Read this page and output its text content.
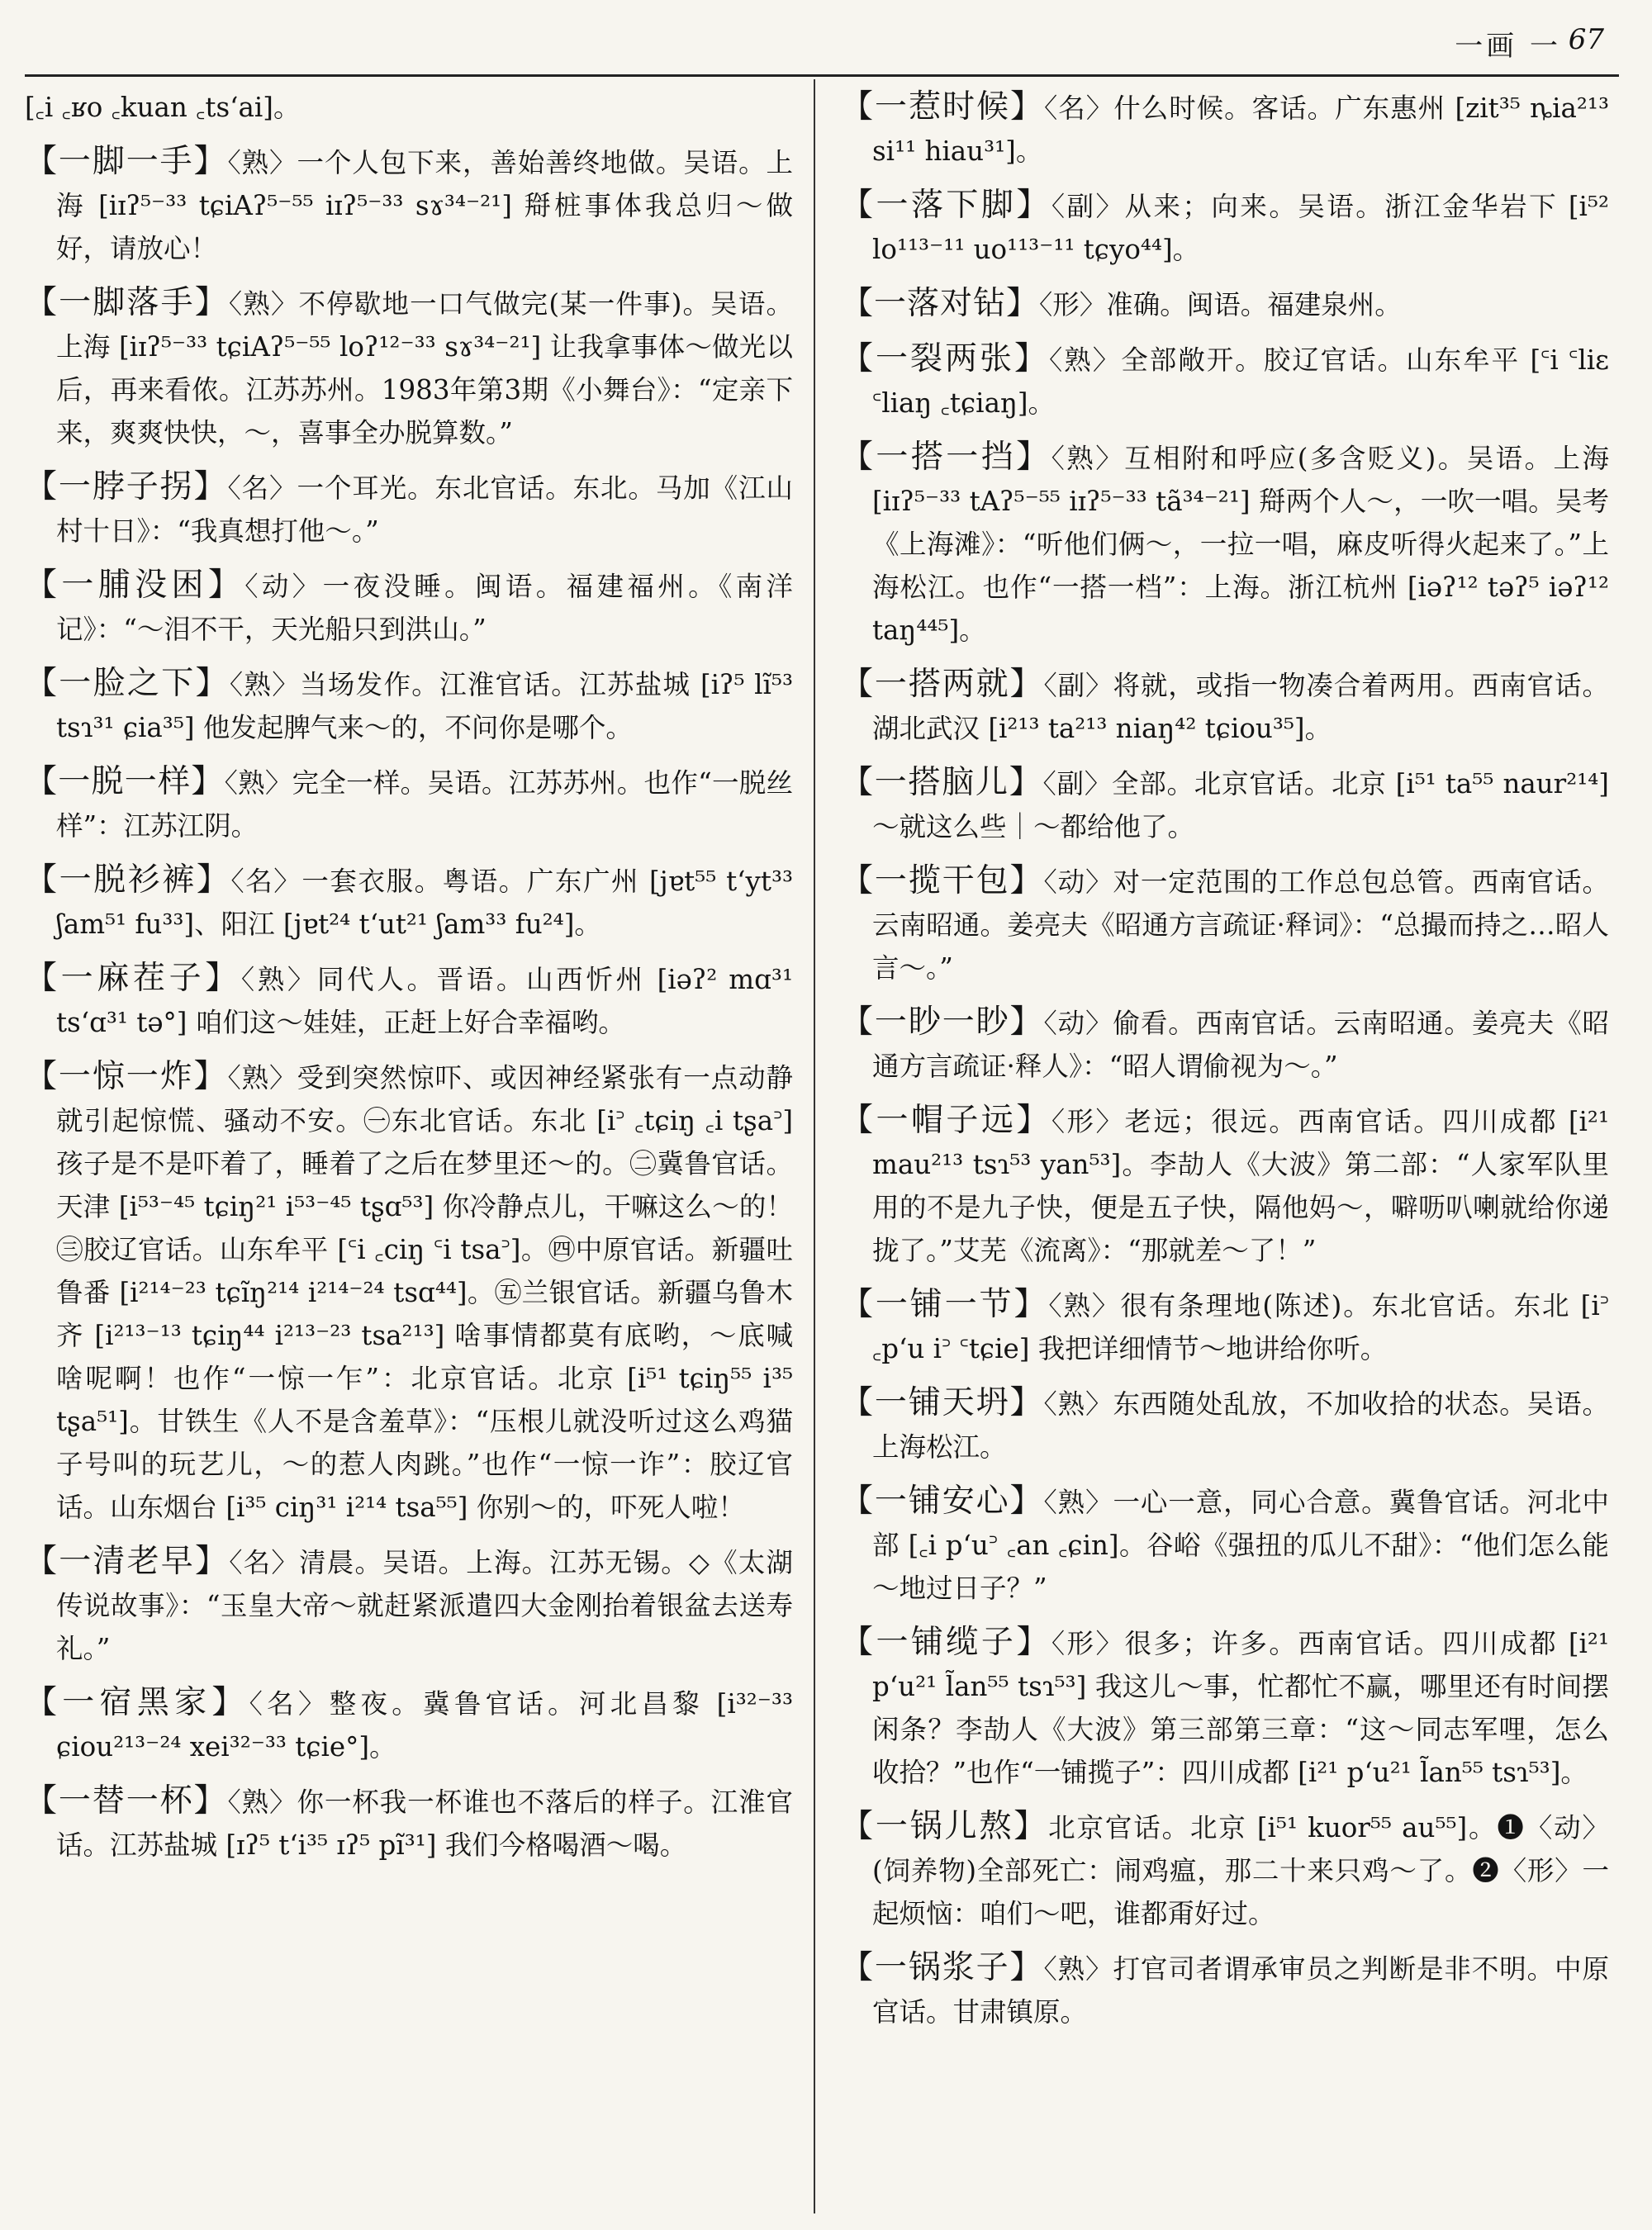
一画 一 67

[꜀i ꜀ʁo ꜀kuan ꜀ts‘ai]。

【一脚一手】〈熟〉一个人包下来，善始善终地做。吴语。上海 [iɪʔ⁵⁻³³ tɕiAʔ⁵⁻⁵⁵ iɪʔ⁵⁻³³ sɤ³⁴⁻²¹] 搿桩事体我总归～做好，请放心！

【一脚落手】〈熟〉不停歇地一口气做完(某一件事)。吴语。上海 [iɪʔ⁵⁻³³ tɕiAʔ⁵⁻⁵⁵ loʔ¹²⁻³³ sɤ³⁴⁻²¹] 让我拿事体～做光以后，再来看侬。江苏苏州。1983年第3期《小舞台》：“定亲下来，爽爽快快，～，喜事全办脱算数。”

【一脖子拐】〈名〉一个耳光。东北官话。东北。马加《江山村十日》：“我真想打他～。”

【一脯没困】〈动〉一夜没睡。闽语。福建福州。《南洋记》：“～泪不干，天光船只到洪山。”

【一脸之下】〈熟〉当场发作。江淮官话。江苏盐城 [iʔ⁵ lĩ⁵³ tsɿ³¹ ɕia³⁵] 他发起脾气来～的，不问你是哪个。

【一脱一样】〈熟〉完全一样。吴语。江苏苏州。也作“一脱丝样”：江苏江阴。

【一脱衫裤】〈名〉一套衣服。粤语。广东广州 [jɐt⁵⁵ t‘yt³³ ʃam⁵¹ fu³³]、阳江 [jɐt²⁴ t‘ut²¹ ʃam³³ fu²⁴]。

【一麻茬子】〈熟〉同代人。晋语。山西忻州 [iəʔ² mɑ³¹ ts‘ɑ³¹ tə°] 咱们这～娃娃，正赶上好合幸福哟。

【一惊一炸】〈熟〉受到突然惊吓、或因神经紧张有一点动静就引起惊慌、骚动不安。㊀东北官话。东北 [i꜄ ꜀tɕiŋ ꜀i tʂa꜄] 孩子是不是吓着了，睡着了之后在梦里还～的。㊁冀鲁官话。天津 [i⁵³⁻⁴⁵ tɕiŋ²¹ i⁵³⁻⁴⁵ tʂɑ⁵³] 你冷静点儿，干嘛这么～的！㊂胶辽官话。山东牟平 [꜂i ꜀ciŋ ꜂i tsa꜄]。㊃中原官话。新疆吐鲁番 [i²¹⁴⁻²³ tɕĩŋ²¹⁴ i²¹⁴⁻²⁴ tsɑ⁴⁴]。㊄兰银官话。新疆乌鲁木齐 [i²¹³⁻¹³ tɕiŋ⁴⁴ i²¹³⁻²³ tsa²¹³] 啥事情都莫有底哟，～底喊啥呢啊！也作“一惊一乍”：北京官话。北京 [i⁵¹ tɕiŋ⁵⁵ i³⁵ tʂa⁵¹]。甘铁生《人不是含羞草》：“压根儿就没听过这么鸡猫子号叫的玩艺儿，～的惹人肉跳。”也作“一惊一诈”：胶辽官话。山东烟台 [i³⁵ ciŋ³¹ i²¹⁴ tsa⁵⁵] 你别～的，吓死人啦！

【一清老早】〈名〉清晨。吴语。上海。江苏无锡。◇《太湖传说故事》：“玉皇大帝～就赶紧派遣四大金刚抬着银盆去送寿礼。”

【一宿黑家】〈名〉整夜。冀鲁官话。河北昌黎 [i³²⁻³³ ɕiou²¹³⁻²⁴ xei³²⁻³³ tɕie°]。

【一替一杯】〈熟〉你一杯我一杯谁也不落后的样子。江淮官话。江苏盐城 [ɪʔ⁵ t‘i³⁵ ɪʔ⁵ pĩ³¹] 我们今格喝酒～喝。

【一惹时候】〈名〉什么时候。客话。广东惠州 [zit³⁵ ȵia²¹³ si¹¹ hiau³¹]。

【一落下脚】〈副〉从来；向来。吴语。浙江金华岩下 [i⁵² lo¹¹³⁻¹¹ uo¹¹³⁻¹¹ tɕyo⁴⁴]。

【一落对钻】〈形〉准确。闽语。福建泉州。

【一裂两张】〈熟〉全部敞开。胶辽官话。山东牟平 [꜂i ꜂liɛ ꜂liaŋ ꜀tɕiaŋ]。

【一搭一挡】〈熟〉互相附和呼应(多含贬义)。吴语。上海 [iɪʔ⁵⁻³³ tAʔ⁵⁻⁵⁵ iɪʔ⁵⁻³³ tã³⁴⁻²¹] 搿两个人～，一吹一唱。吴考《上海滩》：“听他们俩～，一拉一唱，麻皮听得火起来了。”上海松江。也作“一搭一档”：上海。浙江杭州 [iəʔ¹² təʔ⁵ iəʔ¹² taŋ⁴⁴⁵]。

【一搭两就】〈副〉将就，或指一物凑合着两用。西南官话。湖北武汉 [i²¹³ ta²¹³ niaŋ⁴² tɕiou³⁵]。

【一搭脑儿】〈副〉全部。北京官话。北京 [i⁵¹ ta⁵⁵ naur²¹⁴]～就这么些｜～都给他了。

【一揽干包】〈动〉对一定范围的工作总包总管。西南官话。云南昭通。姜亮夫《昭通方言疏证·释词》：“总撮而持之…昭人言～。”

【一眇一眇】〈动〉偷看。西南官话。云南昭通。姜亮夫《昭通方言疏证·释人》：“昭人谓偷视为～。”

【一帽子远】〈形〉老远；很远。西南官话。四川成都 [i²¹ mau²¹³ tsɿ⁵³ yan⁵³]。李劼人《大波》第二部：“人家军队里用的不是九子快，便是五子快，隔他妈～，噼呖叭喇就给你递拢了。”艾芜《流离》：“那就差～了！”

【一铺一节】〈熟〉很有条理地(陈述)。东北官话。东北 [i꜄ ꜀p‘u i꜄ ꜂tɕie] 我把详细情节～地讲给你听。

【一铺天坍】〈熟〉东西随处乱放，不加收拾的状态。吴语。上海松江。

【一铺安心】〈熟〉一心一意，同心合意。冀鲁官话。河北中部 [꜀i p‘u꜄ ꜀an ꜀ɕin]。谷峪《强扭的瓜儿不甜》：“他们怎么能～地过日子？”

【一铺缆子】〈形〉很多；许多。西南官话。四川成都 [i²¹ p‘u²¹ l̃an⁵⁵ tsɿ⁵³] 我这儿～事，忙都忙不赢，哪里还有时间摆闲条？李劼人《大波》第三部第三章：“这～同志军哩，怎么收拾？”也作“一铺揽子”：四川成都 [i²¹ p‘u²¹ l̃an⁵⁵ tsɿ⁵³]。

【一锅儿熬】北京官话。北京 [i⁵¹ kuor⁵⁵ au⁵⁵]。❶〈动〉(饲养物)全部死亡：闹鸡瘟，那二十来只鸡～了。❷〈形〉一起烦恼：咱们～吧，谁都甭好过。

【一锅浆子】〈熟〉打官司者谓承审员之判断是非不明。中原官话。甘肃镇原。
